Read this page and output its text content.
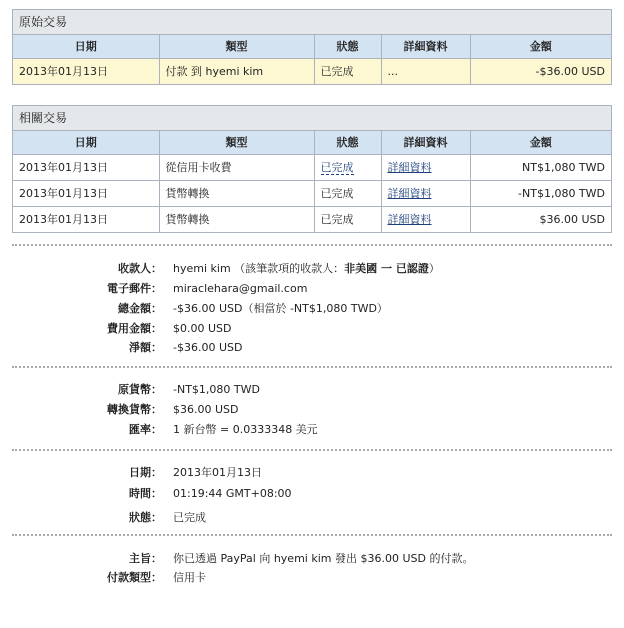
原始交易
日期	類型	狀態	詳細資料	金額
2013年01月13日	付款 到 hyemi kim	已完成	...	-$36.00 USD
相關交易
日期	類型	狀態	詳細資料	金額
2013年01月13日	從信用卡收費	已完成	詳細資料	NT$1,080 TWD
2013年01月13日	貨幣轉換	已完成	詳細資料	-NT$1,080 TWD
2013年01月13日	貨幣轉換	已完成	詳細資料	$36.00 USD
收款人： hyemi kim （該筆款項的收款人：非美國 一 已認證）
電子郵件： miraclehara@gmail.com
總金額： -$36.00 USD（相當於 -NT$1,080 TWD）
費用金額： $0.00 USD
淨額： -$36.00 USD
原貨幣： -NT$1,080 TWD
轉換貨幣： $36.00 USD
匯率： 1 新台幣 = 0.0333348 美元
日期： 2013年01月13日
時間： 01:19:44 GMT+08:00
狀態： 已完成
主旨： 你已透過 PayPal 向 hyemi kim 發出 $36.00 USD 的付款。
付款類型： 信用卡
